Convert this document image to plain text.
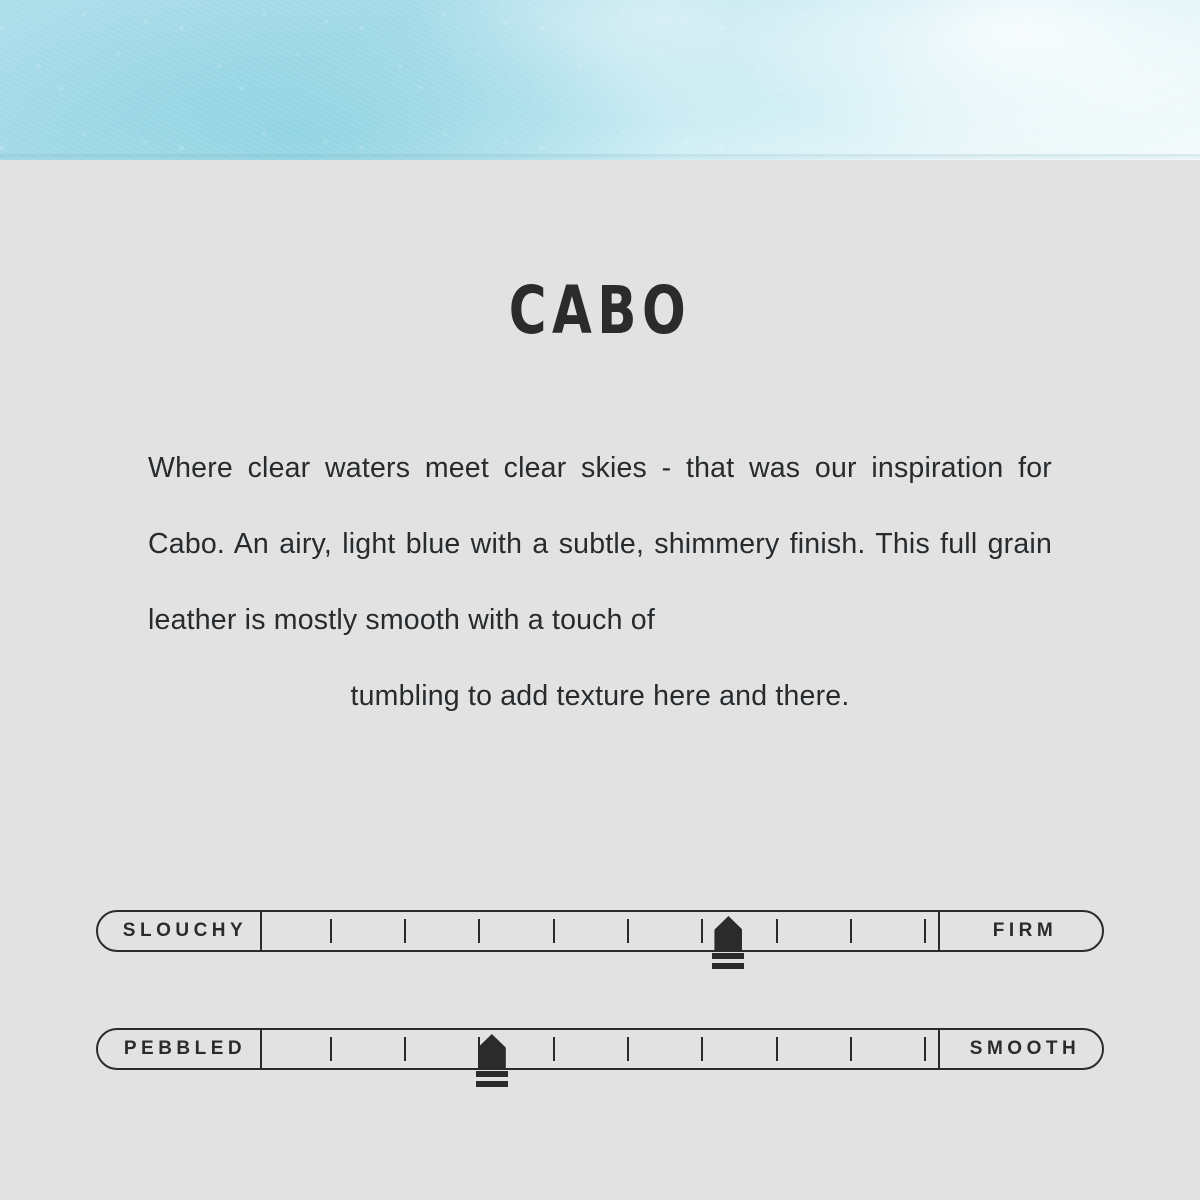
CABO
Where clear waters meet clear skies - that was our inspiration for Cabo. An airy, light blue with a subtle, shimmery finish. This full grain leather is mostly smooth with a touch of
tumbling to add texture here and there.
SLOUCHY	FIRM
PEBBLED	SMOOTH
